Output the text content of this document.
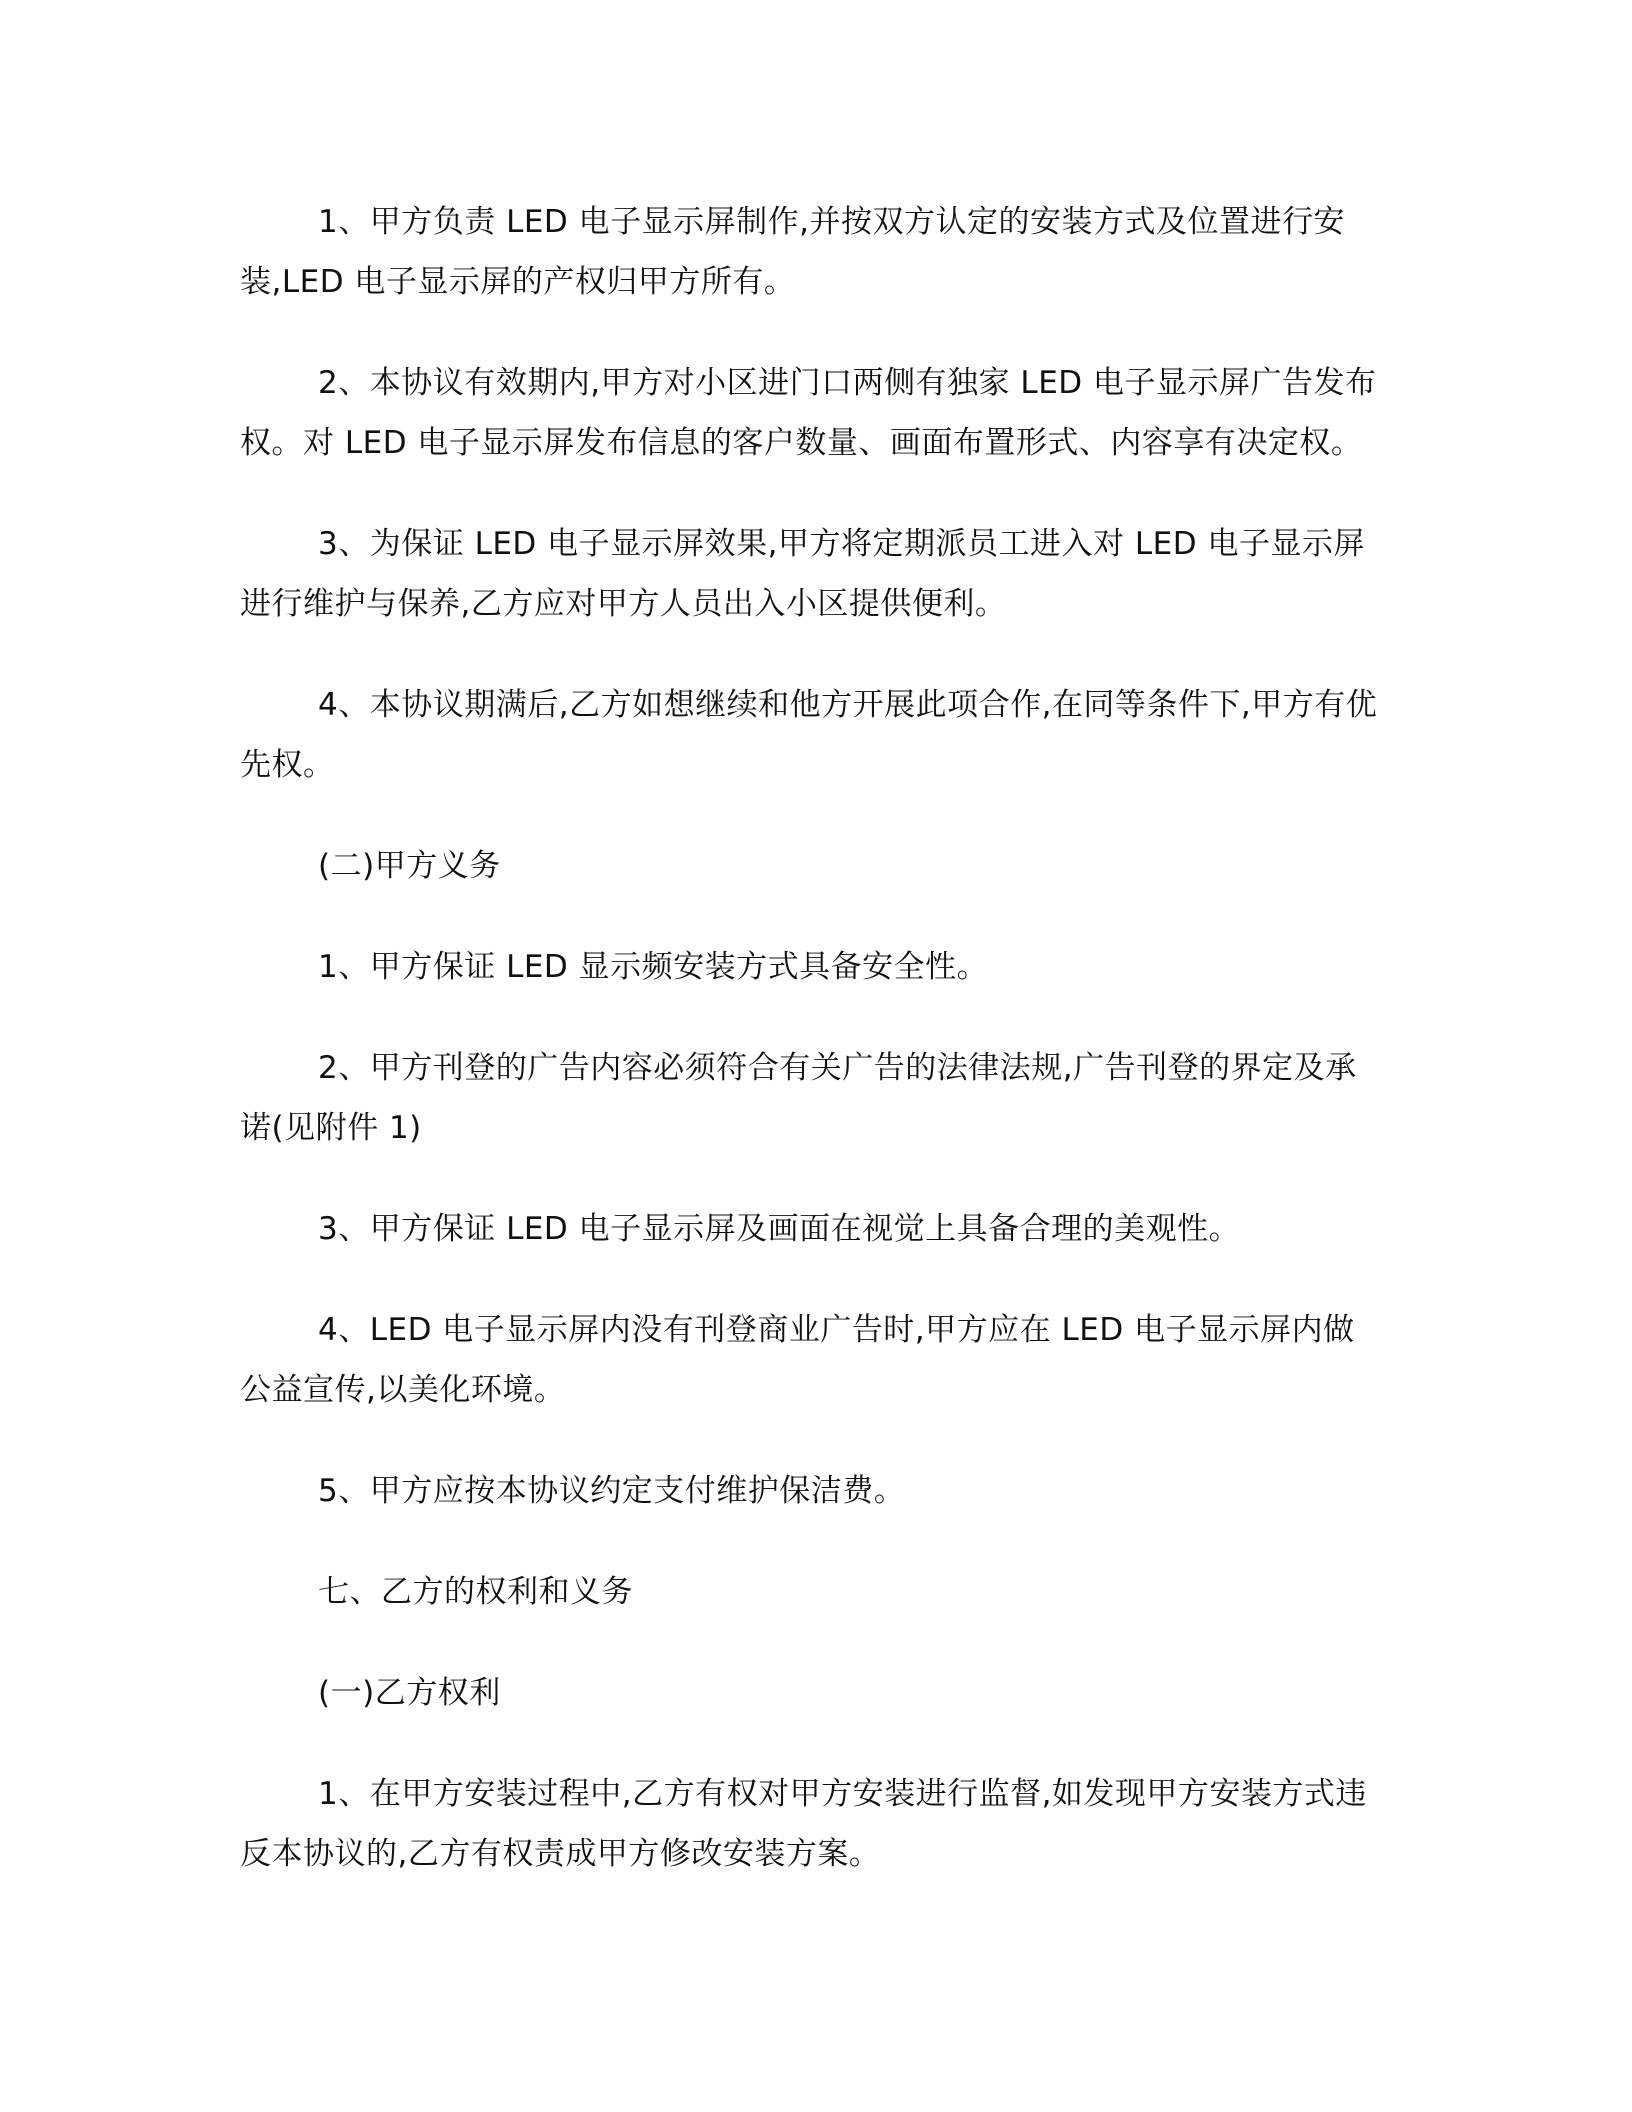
1、甲方负责 LED 电子显示屏制作,并按双方认定的安装方式及位置进行安装,LED 电子显示屏的产权归甲方所有。

2、本协议有效期内,甲方对小区进门口两侧有独家 LED 电子显示屏广告发布权。对 LED 电子显示屏发布信息的客户数量、画面布置形式、内容享有决定权。

3、为保证 LED 电子显示屏效果,甲方将定期派员工进入对 LED 电子显示屏进行维护与保养,乙方应对甲方人员出入小区提供便利。

4、本协议期满后,乙方如想继续和他方开展此项合作,在同等条件下,甲方有优先权。

(二)甲方义务

1、甲方保证 LED 显示频安装方式具备安全性。

2、甲方刊登的广告内容必须符合有关广告的法律法规,广告刊登的界定及承诺(见附件 1)

3、甲方保证 LED 电子显示屏及画面在视觉上具备合理的美观性。

4、LED 电子显示屏内没有刊登商业广告时,甲方应在 LED 电子显示屏内做公益宣传,以美化环境。

5、甲方应按本协议约定支付维护保洁费。

七、乙方的权利和义务

(一)乙方权利

1、在甲方安装过程中,乙方有权对甲方安装进行监督,如发现甲方安装方式违反本协议的,乙方有权责成甲方修改安装方案。
